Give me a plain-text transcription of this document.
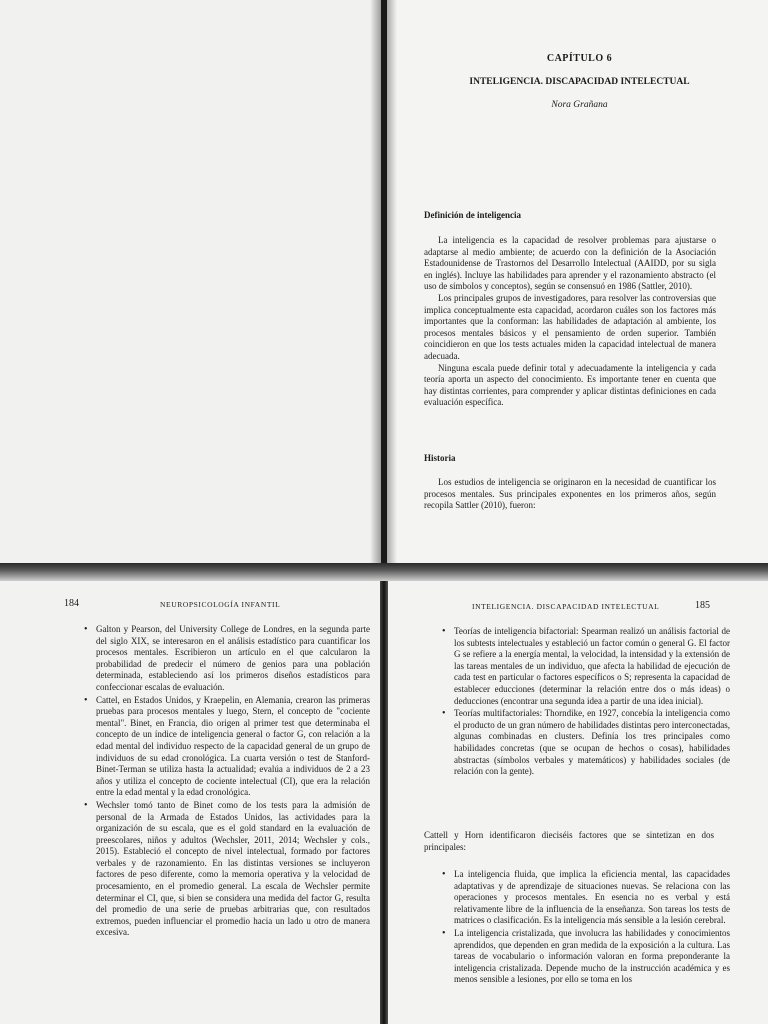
CAPÍTULO 6
INTELIGENCIA. DISCAPACIDAD INTELECTUAL
Nora Grañana
Definición de inteligencia

La inteligencia es la capacidad de resolver problemas para ajustarse o adaptarse al medio ambiente; de acuerdo con la definición de la Asociación Estadounidense de Trastornos del Desarrollo Intelectual (AAIDD, por su sigla en inglés). Incluye las habilidades para aprender y el razonamiento abstracto (el uso de símbolos y conceptos), según se consensuó en 1986 (Sattler, 2010).

Los principales grupos de investigadores, para resolver las controversias que implica conceptualmente esta capacidad, acordaron cuáles son los factores más importantes que la conforman: las habilidades de adaptación al ambiente, los procesos mentales básicos y el pensamiento de orden superior. También coincidieron en que los tests actuales miden la capacidad intelectual de manera adecuada.

Ninguna escala puede definir total y adecuadamente la inteligencia y cada teoría aporta un aspecto del conocimiento. Es importante tener en cuenta que hay distintas corrientes, para comprender y aplicar distintas definiciones en cada evaluación específica.

Historia

Los estudios de inteligencia se originaron en la necesidad de cuantificar los procesos mentales. Sus principales exponentes en los primeros años, según recopila Sattler (2010), fueron:

184	NEUROPSICOLOGÍA INFANTIL
• Galton y Pearson, del University College de Londres, en la segunda parte del siglo XIX, se interesaron en el análisis estadístico para cuantificar los procesos mentales. Escribieron un artículo en el que calcularon la probabilidad de predecir el número de genios para una población determinada, estableciendo así los primeros diseños estadísticos para confeccionar escalas de evaluación.
• Cattel, en Estados Unidos, y Kraepelin, en Alemania, crearon las primeras pruebas para procesos mentales y luego, Stern, el concepto de "cociente mental". Binet, en Francia, dio origen al primer test que determinaba el concepto de un índice de inteligencia general o factor G, con relación a la edad mental del individuo respecto de la capacidad general de un grupo de individuos de su edad cronológica. La cuarta versión o test de Stanford-Binet-Terman se utiliza hasta la actualidad; evalúa a individuos de 2 a 23 años y utiliza el concepto de cociente intelectual (CI), que era la relación entre la edad mental y la edad cronológica.
• Wechsler tomó tanto de Binet como de los tests para la admisión de personal de la Armada de Estados Unidos, las actividades para la organización de su escala, que es el gold standard en la evaluación de preescolares, niños y adultos (Wechsler, 2011, 2014; Wechsler y cols., 2015). Estableció el concepto de nivel intelectual, formado por factores verbales y de razonamiento. En las distintas versiones se incluyeron factores de peso diferente, como la memoria operativa y la velocidad de procesamiento, en el promedio general. La escala de Wechsler permite determinar el CI, que, si bien se considera una medida del factor G, resulta del promedio de una serie de pruebas arbitrarias que, con resultados extremos, pueden influenciar el promedio hacia un lado u otro de manera excesiva.
INTELIGENCIA. DISCAPACIDAD INTELECTUAL	185
• Teorías de inteligencia bifactorial: Spearman realizó un análisis factorial de los subtests intelectuales y estableció un factor común o general G. El factor G se refiere a la energía mental, la velocidad, la intensidad y la extensión de las tareas mentales de un individuo, que afecta la habilidad de ejecución de cada test en particular o factores específicos o S; representa la capacidad de establecer educciones (determinar la relación entre dos o más ideas) o deducciones (encontrar una segunda idea a partir de una idea inicial).
• Teorías multifactoriales: Thorndike, en 1927, concebía la inteligencia como el producto de un gran número de habilidades distintas pero interconectadas, algunas combinadas en clusters. Definía los tres principales como habilidades concretas (que se ocupan de hechos o cosas), habilidades abstractas (símbolos verbales y matemáticos) y habilidades sociales (de relación con la gente).
Cattell y Horn identificaron dieciséis factores que se sintetizan en dos principales:
• La inteligencia fluida, que implica la eficiencia mental, las capacidades adaptativas y de aprendizaje de situaciones nuevas. Se relaciona con las operaciones y procesos mentales. En esencia no es verbal y está relativamente libre de la influencia de la enseñanza. Son tareas los tests de matrices o clasificación. Es la inteligencia más sensible a la lesión cerebral.
• La inteligencia cristalizada, que involucra las habilidades y conocimientos aprendidos, que dependen en gran medida de la exposición a la cultura. Las tareas de vocabulario o información valoran en forma preponderante la inteligencia cristalizada. Depende mucho de la instrucción académica y es menos sensible a lesiones, por ello se toma en los
